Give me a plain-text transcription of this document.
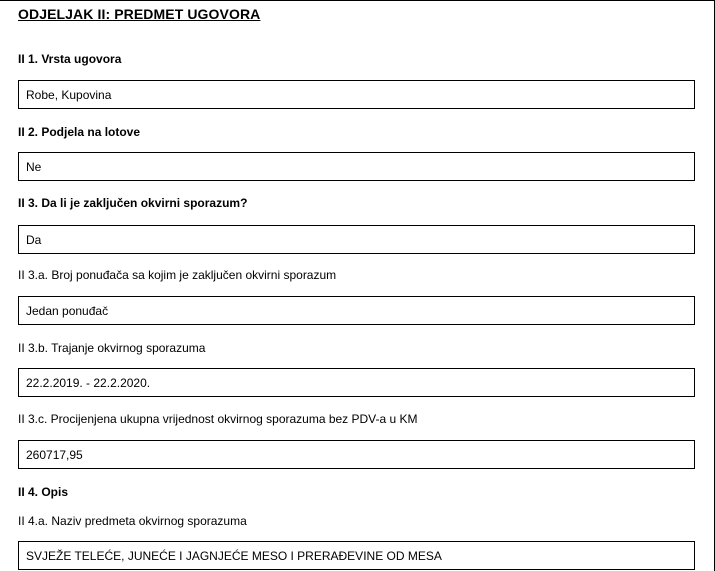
ODJELJAK II: PREDMET UGOVORA
II 1. Vrsta ugovora
Robe, Kupovina
II 2. Podjela na lotove
Ne
II 3. Da li je zaključen okvirni sporazum?
Da
II 3.a. Broj ponuđača sa kojim je zaključen okvirni sporazum
Jedan ponuđač
II 3.b. Trajanje okvirnog sporazuma
22.2.2019. - 22.2.2020.
II 3.c. Procijenjena ukupna vrijednost okvirnog sporazuma bez PDV-a u KM
260717,95
II 4. Opis
II 4.a. Naziv predmeta okvirnog sporazuma
SVJEŽE TELEĆE, JUNEĆE I JAGNJEĆE MESO I PRERAĐEVINE OD MESA
